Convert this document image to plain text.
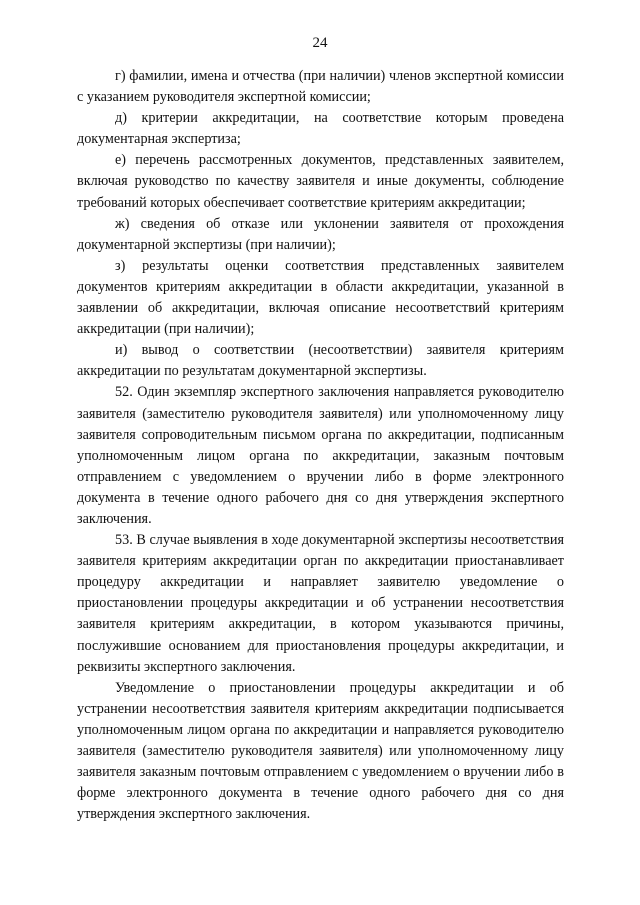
24

г) фамилии, имена и отчества (при наличии) членов экспертной комиссии с указанием руководителя экспертной комиссии;

д) критерии аккредитации, на соответствие которым проведена документарная экспертиза;

е) перечень рассмотренных документов, представленных заявителем, включая руководство по качеству заявителя и иные документы, соблюдение требований которых обеспечивает соответствие критериям аккредитации;

ж) сведения об отказе или уклонении заявителя от прохождения документарной экспертизы (при наличии);

з) результаты оценки соответствия представленных заявителем документов критериям аккредитации в области аккредитации, указанной в заявлении об аккредитации, включая описание несоответствий критериям аккредитации (при наличии);

и) вывод о соответствии (несоответствии) заявителя критериям аккредитации по результатам документарной экспертизы.

52. Один экземпляр экспертного заключения направляется руководителю заявителя (заместителю руководителя заявителя) или уполномоченному лицу заявителя сопроводительным письмом органа по аккредитации, подписанным уполномоченным лицом органа по аккредитации, заказным почтовым отправлением с уведомлением о вручении либо в форме электронного документа в течение одного рабочего дня со дня утверждения экспертного заключения.

53. В случае выявления в ходе документарной экспертизы несоответствия заявителя критериям аккредитации орган по аккредитации приостанавливает процедуру аккредитации и направляет заявителю уведомление о приостановлении процедуры аккредитации и об устранении несоответствия заявителя критериям аккредитации, в котором указываются причины, послужившие основанием для приостановления процедуры аккредитации, и реквизиты экспертного заключения.

Уведомление о приостановлении процедуры аккредитации и об устранении несоответствия заявителя критериям аккредитации подписывается уполномоченным лицом органа по аккредитации и направляется руководителю заявителя (заместителю руководителя заявителя) или уполномоченному лицу заявителя заказным почтовым отправлением с уведомлением о вручении либо в форме электронного документа в течение одного рабочего дня со дня утверждения экспертного заключения.
